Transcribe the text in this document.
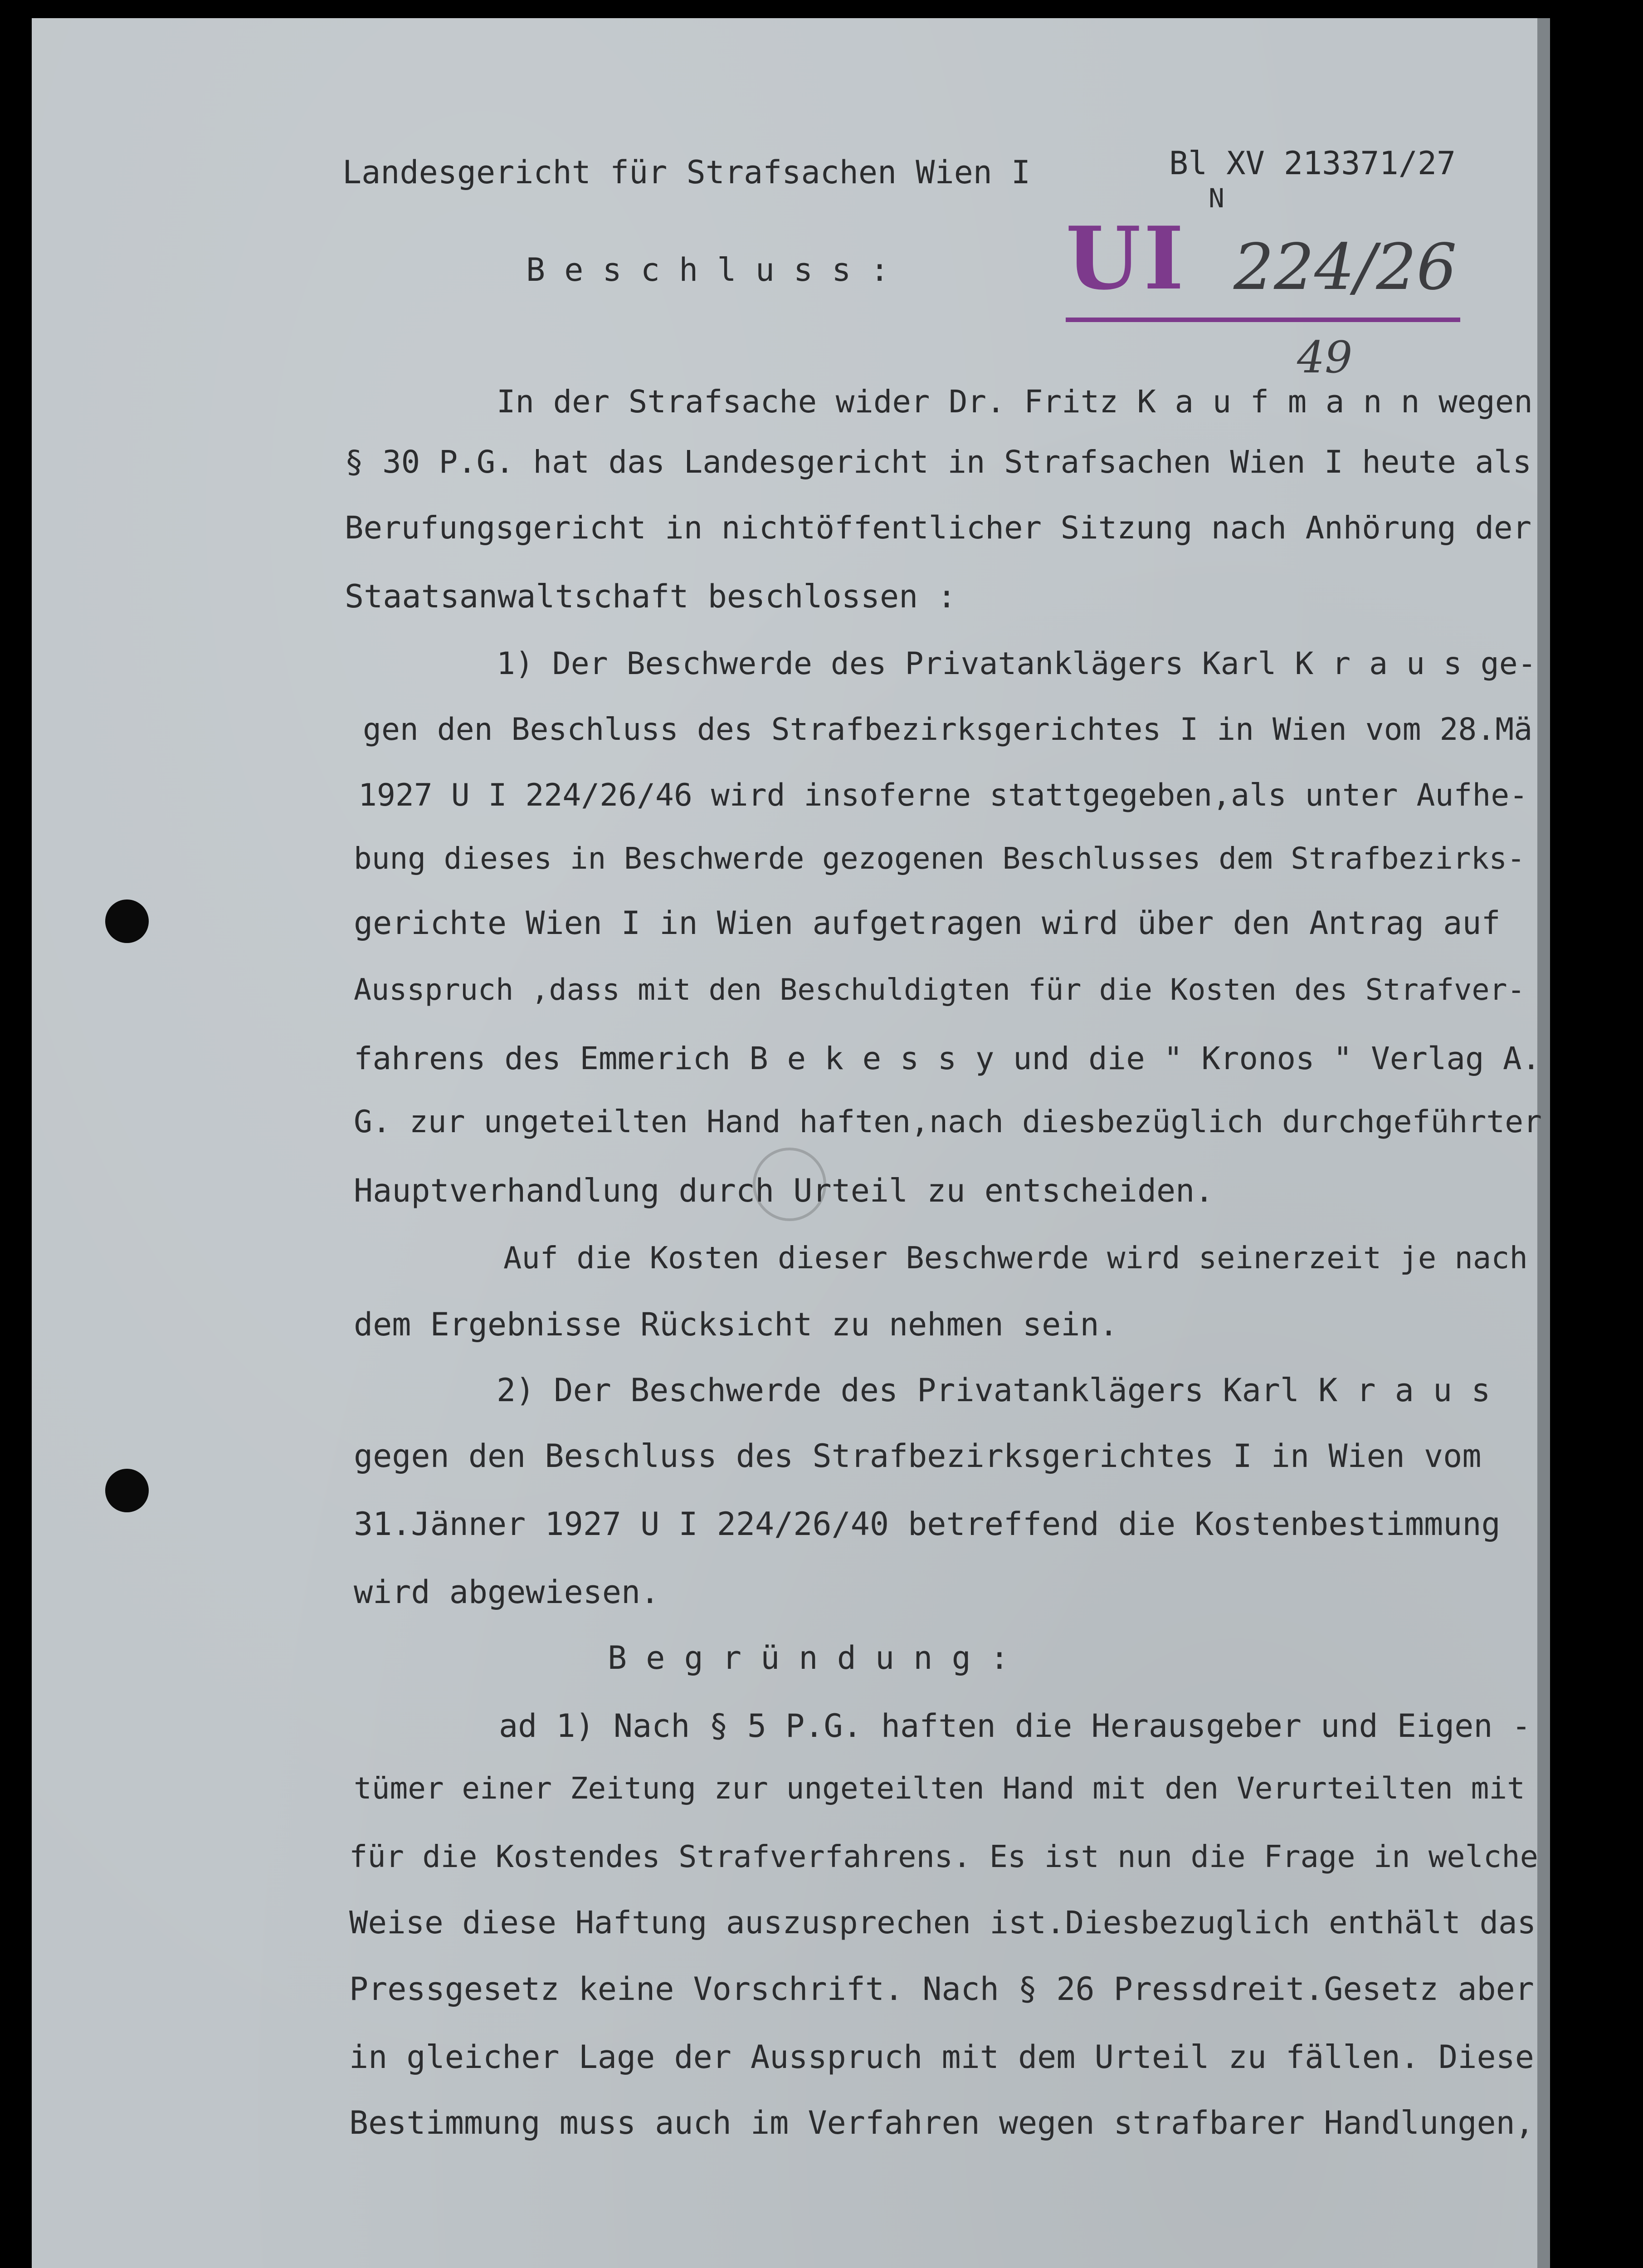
Landesgericht für Strafsachen Wien I	Bl XV 213371/27
N
UI 224/26
49
B e s c h l u s s :
In der Strafsache wider Dr. Fritz K a u f m a n n wegen
§ 30 P.G. hat das Landesgericht in Strafsachen Wien I heute als
Berufungsgericht in nichtöffentlicher Sitzung nach Anhörung der
Staatsanwaltschaft beschlossen :
1) Der Beschwerde des Privatanklägers Karl K r a u s ge-
gen den Beschluss des Strafbezirksgerichtes I in Wien vom 28.Mä
1927 U I 224/26/46 wird insoferne stattgegeben,als unter Aufhe-
bung dieses in Beschwerde gezogenen Beschlusses dem Strafbezirks-
gerichte Wien I in Wien aufgetragen wird über den Antrag auf
Ausspruch ,dass mit den Beschuldigten für die Kosten des Strafver-
fahrens des Emmerich B e k e s s y und die " Kronos " Verlag A.
G. zur ungeteilten Hand haften,nach diesbezüglich durchgeführter
Hauptverhandlung durch Urteil zu entscheiden.
Auf die Kosten dieser Beschwerde wird seinerzeit je nach
dem Ergebnisse Rücksicht zu nehmen sein.
2) Der Beschwerde des Privatanklägers Karl K r a u s
gegen den Beschluss des Strafbezirksgerichtes I in Wien vom
31.Jänner 1927 U I 224/26/40 betreffend die Kostenbestimmung
wird abgewiesen.
B e g r ü n d u n g :
ad 1) Nach § 5 P.G. haften die Herausgeber und Eigen -
tümer einer Zeitung zur ungeteilten Hand mit den Verurteilten mit
für die Kostendes Strafverfahrens. Es ist nun die Frage in welche
Weise diese Haftung auszusprechen ist.Diesbezuglich enthält das
Pressgesetz keine Vorschrift. Nach § 26 Pressdreit.Gesetz aber
in gleicher Lage der Ausspruch mit dem Urteil zu fällen. Diese
Bestimmung muss auch im Verfahren wegen strafbarer Handlungen,
